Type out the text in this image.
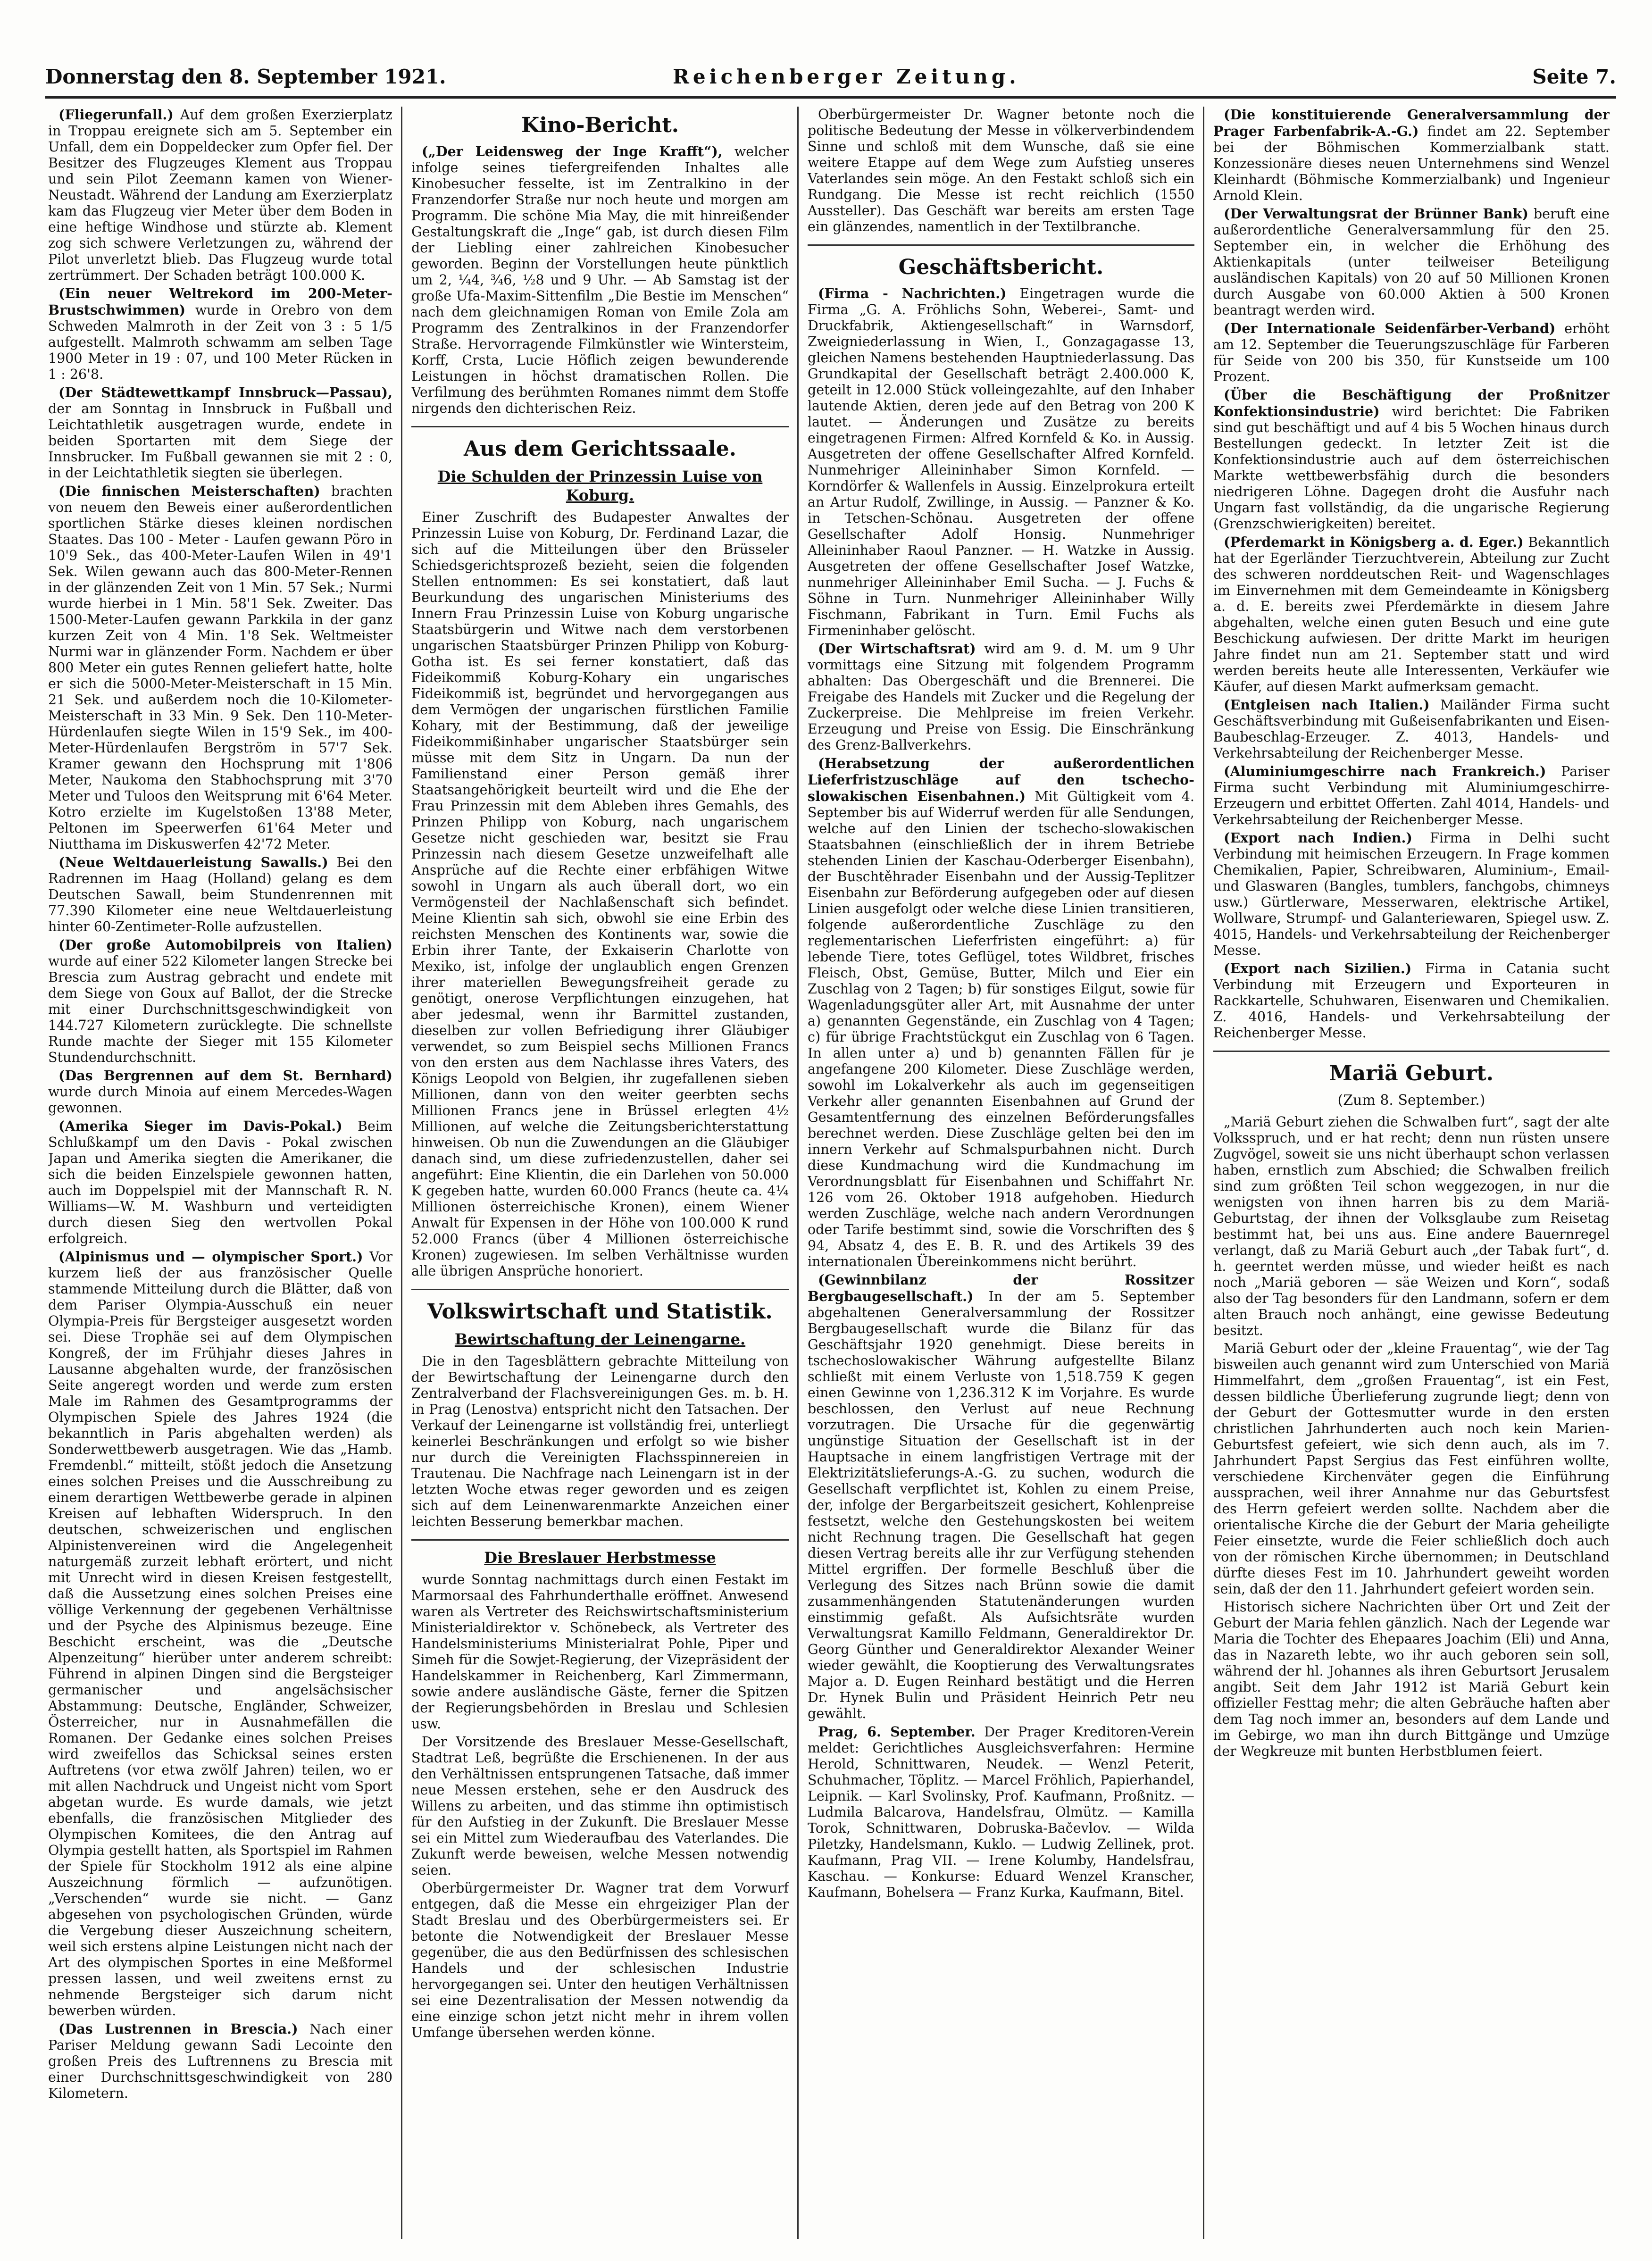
Donnerstag den 8. September 1921.	Reichenberger Zeitung.	Seite 7.

(Fliegerunfall.) Auf dem großen Exerzierplatz in Troppau ereignete sich am 5. September ein Unfall, dem ein Doppeldecker zum Opfer fiel. Der Besitzer des Flugzeuges Klement aus Troppau und sein Pilot Zeemann kamen von Wiener-Neustadt. Während der Landung am Exerzierplatz kam das Flugzeug vier Meter über dem Boden in eine heftige Windhose und stürzte ab. Klement zog sich schwere Verletzungen zu, während der Pilot unverletzt blieb. Das Flugzeug wurde total zertrümmert. Der Schaden beträgt 100.000 K.

(Ein neuer Weltrekord im 200-Meter-Brustschwimmen) wurde in Orebro von dem Schweden Malmroth in der Zeit von 3 : 5 1/5 aufgestellt. Malmroth schwamm am selben Tage 1900 Meter in 19 : 07, und 100 Meter Rücken in 1 : 26'8.

(Der Städtewettkampf Innsbruck—Passau), der am Sonntag in Innsbruck in Fußball und Leichtathletik ausgetragen wurde, endete in beiden Sportarten mit dem Siege der Innsbrucker. Im Fußball gewannen sie mit 2 : 0, in der Leichtathletik siegten sie überlegen.

(Die finnischen Meisterschaften) brachten von neuem den Beweis einer außerordentlichen sportlichen Stärke dieses kleinen nordischen Staates. Das 100 - Meter - Laufen gewann Pöro in 10'9 Sek., das 400-Meter-Laufen Wilen in 49'1 Sek. Wilen gewann auch das 800-Meter-Rennen in der glänzenden Zeit von 1 Min. 57 Sek.; Nurmi wurde hierbei in 1 Min. 58'1 Sek. Zweiter. Das 1500-Meter-Laufen gewann Parkkila in der ganz kurzen Zeit von 4 Min. 1'8 Sek. Weltmeister Nurmi war in glänzender Form. Nachdem er über 800 Meter ein gutes Rennen geliefert hatte, holte er sich die 5000-Meter-Meisterschaft in 15 Min. 21 Sek. und außerdem noch die 10-Kilometer-Meisterschaft in 33 Min. 9 Sek. Den 110-Meter-Hürdenlaufen siegte Wilen in 15'9 Sek., im 400-Meter-Hürdenlaufen Bergström in 57'7 Sek. Kramer gewann den Hochsprung mit 1'806 Meter, Naukoma den Stabhochsprung mit 3'70 Meter und Tuloos den Weitsprung mit 6'64 Meter. Kotro erzielte im Kugelstoßen 13'88 Meter, Peltonen im Speerwerfen 61'64 Meter und Niutthama im Diskuswerfen 42'72 Meter.

(Neue Weltdauerleistung Sawalls.) Bei den Radrennen im Haag (Holland) gelang es dem Deutschen Sawall, beim Stundenrennen mit 77.390 Kilometer eine neue Weltdauerleistung hinter 60-Zentimeter-Rolle aufzustellen.

(Der große Automobilpreis von Italien) wurde auf einer 522 Kilometer langen Strecke bei Brescia zum Austrag gebracht und endete mit dem Siege von Goux auf Ballot, der die Strecke mit einer Durchschnittsgeschwindigkeit von 144.727 Kilometern zurücklegte. Die schnellste Runde machte der Sieger mit 155 Kilometer Stundendurchschnitt.

(Das Bergrennen auf dem St. Bernhard) wurde durch Minoia auf einem Mercedes-Wagen gewonnen.

(Amerika Sieger im Davis-Pokal.) Beim Schlußkampf um den Davis - Pokal zwischen Japan und Amerika siegten die Amerikaner, die sich die beiden Einzelspiele gewonnen hatten, auch im Doppelspiel mit der Mannschaft R. N. Williams—W. M. Washburn und verteidigten durch diesen Sieg den wertvollen Pokal erfolgreich.

(Alpinismus und — olympischer Sport.) Vor kurzem ließ der aus französischer Quelle stammende Mitteilung durch die Blätter, daß von dem Pariser Olympia-Ausschuß ein neuer Olympia-Preis für Bergsteiger ausgesetzt worden sei. Diese Trophäe sei auf dem Olympischen Kongreß, der im Frühjahr dieses Jahres in Lausanne abgehalten wurde, der französischen Seite angeregt worden und werde zum ersten Male im Rahmen des Gesamtprogramms der Olympischen Spiele des Jahres 1924 (die bekanntlich in Paris abgehalten werden) als Sonderwettbewerb ausgetragen. Wie das „Hamb. Fremdenbl.“ mitteilt, stößt jedoch die Ansetzung eines solchen Preises und die Ausschreibung zu einem derartigen Wettbewerbe gerade in alpinen Kreisen auf lebhaften Widerspruch. In den deutschen, schweizerischen und englischen Alpinistenvereinen wird die Angelegenheit naturgemäß zurzeit lebhaft erörtert, und nicht mit Unrecht wird in diesen Kreisen festgestellt, daß die Aussetzung eines solchen Preises eine völlige Verkennung der gegebenen Verhältnisse und der Psyche des Alpinismus bezeuge. Eine Beschicht erscheint, was die „Deutsche Alpenzeitung“ hierüber unter anderem schreibt: Führend in alpinen Dingen sind die Bergsteiger germanischer und angelsächsischer Abstammung: Deutsche, Engländer, Schweizer, Österreicher, nur in Ausnahmefällen die Romanen. Der Gedanke eines solchen Preises wird zweifellos das Schicksal seines ersten Auftretens (vor etwa zwölf Jahren) teilen, wo er mit allen Nachdruck und Ungeist nicht vom Sport abgetan wurde. Es wurde damals, wie jetzt ebenfalls, die französischen Mitglieder des Olympischen Komitees, die den Antrag auf Olympia gestellt hatten, als Sportspiel im Rahmen der Spiele für Stockholm 1912 als eine alpine Auszeichnung förmlich — aufzunötigen. „Verschenden“ wurde sie nicht. — Ganz abgesehen von psychologischen Gründen, würde die Vergebung dieser Auszeichnung scheitern, weil sich erstens alpine Leistungen nicht nach der Art des olympischen Sportes in eine Meßformel pressen lassen, und weil zweitens ernst zu nehmende Bergsteiger sich darum nicht bewerben würden.

(Das Lustrennen in Brescia.) Nach einer Pariser Meldung gewann Sadi Lecointe den großen Preis des Luftrennens zu Brescia mit einer Durchschnittsgeschwindigkeit von 280 Kilometern.

Kino-Bericht.

(„Der Leidensweg der Inge Krafft“), welcher infolge seines tiefergreifenden Inhaltes alle Kinobesucher fesselte, ist im Zentralkino in der Franzendorfer Straße nur noch heute und morgen am Programm. Die schöne Mia May, die mit hinreißender Gestaltungskraft die „Inge“ gab, ist durch diesen Film der Liebling einer zahlreichen Kinobesucher geworden. Beginn der Vorstellungen heute pünktlich um 2, ¼4, ¾6, ½8 und 9 Uhr. — Ab Samstag ist der große Ufa-Maxim-Sittenfilm „Die Bestie im Menschen“ nach dem gleichnamigen Roman von Emile Zola am Programm des Zentralkinos in der Franzendorfer Straße. Hervorragende Filmkünstler wie Wintersteim, Korff, Crsta, Lucie Höflich zeigen bewunderende Leistungen in höchst dramatischen Rollen. Die Verfilmung des berühmten Romanes nimmt dem Stoffe nirgends den dichterischen Reiz.

Aus dem Gerichtssaale.
Die Schulden der Prinzessin Luise von Koburg.

Einer Zuschrift des Budapester Anwaltes der Prinzessin Luise von Koburg, Dr. Ferdinand Lazar, die sich auf die Mitteilungen über den Brüsseler Schiedsgerichtsprozeß bezieht, seien die folgenden Stellen entnommen: Es sei konstatiert, daß laut Beurkundung des ungarischen Ministeriums des Innern Frau Prinzessin Luise von Koburg ungarische Staatsbürgerin und Witwe nach dem verstorbenen ungarischen Staatsbürger Prinzen Philipp von Koburg-Gotha ist. Es sei ferner konstatiert, daß das Fideikommiß Koburg-Kohary ein ungarisches Fideikommiß ist, begründet und hervorgegangen aus dem Vermögen der ungarischen fürstlichen Familie Kohary, mit der Bestimmung, daß der jeweilige Fideikommißinhaber ungarischer Staatsbürger sein müsse mit dem Sitz in Ungarn. Da nun der Familienstand einer Person gemäß ihrer Staatsangehörigkeit beurteilt wird und die Ehe der Frau Prinzessin mit dem Ableben ihres Gemahls, des Prinzen Philipp von Koburg, nach ungarischem Gesetze nicht geschieden war, besitzt sie Frau Prinzessin nach diesem Gesetze unzweifelhaft alle Ansprüche auf die Rechte einer erbfähigen Witwe sowohl in Ungarn als auch überall dort, wo ein Vermögensteil der Nachlaßenschaft sich befindet. Meine Klientin sah sich, obwohl sie eine Erbin des reichsten Menschen des Kontinents war, sowie die Erbin ihrer Tante, der Exkaiserin Charlotte von Mexiko, ist, infolge der unglaublich engen Grenzen ihrer materiellen Bewegungsfreiheit gerade zu genötigt, onerose Verpflichtungen einzugehen, hat aber jedesmal, wenn ihr Barmittel zustanden, dieselben zur vollen Befriedigung ihrer Gläubiger verwendet, so zum Beispiel sechs Millionen Francs von den ersten aus dem Nachlasse ihres Vaters, des Königs Leopold von Belgien, ihr zugefallenen sieben Millionen, dann von den weiter geerbten sechs Millionen Francs jene in Brüssel erlegten 4½ Millionen, auf welche die Zeitungsberichterstattung hinweisen. Ob nun die Zuwendungen an die Gläubiger danach sind, um diese zufriedenzustellen, daher sei angeführt: Eine Klientin, die ein Darlehen von 50.000 K gegeben hatte, wurden 60.000 Francs (heute ca. 4¼ Millionen österreichische Kronen), einem Wiener Anwalt für Expensen in der Höhe von 100.000 K rund 52.000 Francs (über 4 Millionen österreichische Kronen) zugewiesen. Im selben Verhältnisse wurden alle übrigen Ansprüche honoriert.

Volkswirtschaft und Statistik.
Bewirtschaftung der Leinengarne.

Die in den Tagesblättern gebrachte Mitteilung von der Bewirtschaftung der Leinengarne durch den Zentralverband der Flachsvereinigungen Ges. m. b. H. in Prag (Lenostva) entspricht nicht den Tatsachen. Der Verkauf der Leinengarne ist vollständig frei, unterliegt keinerlei Beschränkungen und erfolgt so wie bisher nur durch die Vereinigten Flachsspinnereien in Trautenau. Die Nachfrage nach Leinengarn ist in der letzten Woche etwas reger geworden und es zeigen sich auf dem Leinenwarenmarkte Anzeichen einer leichten Besserung bemerkbar machen.

Die Breslauer Herbstmesse

wurde Sonntag nachmittags durch einen Festakt im Marmorsaal des Fahrhunderthalle eröffnet. Anwesend waren als Vertreter des Reichswirtschaftsministerium Ministerialdirektor v. Schönebeck, als Vertreter des Handelsministeriums Ministerialrat Pohle, Piper und Simeh für die Sowjet-Regierung, der Vizepräsident der Handelskammer in Reichenberg, Karl Zimmermann, sowie andere ausländische Gäste, ferner die Spitzen der Regierungsbehörden in Breslau und Schlesien usw.

Der Vorsitzende des Breslauer Messe-Gesellschaft, Stadtrat Leß, begrüßte die Erschienenen. In der aus den Verhältnissen entsprungenen Tatsache, daß immer neue Messen erstehen, sehe er den Ausdruck des Willens zu arbeiten, und das stimme ihn optimistisch für den Aufstieg in der Zukunft. Die Breslauer Messe sei ein Mittel zum Wiederaufbau des Vaterlandes. Die Zukunft werde beweisen, welche Messen notwendig seien.

Oberbürgermeister Dr. Wagner trat dem Vorwurf entgegen, daß die Messe ein ehrgeiziger Plan der Stadt Breslau und des Oberbürgermeisters sei. Er betonte die Notwendigkeit der Breslauer Messe gegenüber, die aus den Bedürfnissen des schlesischen Handels und der schlesischen Industrie hervorgegangen sei. Unter den heutigen Verhältnissen sei eine Dezentralisation der Messen notwendig da eine einzige schon jetzt nicht mehr in ihrem vollen Umfange übersehen werden könne.

Oberbürgermeister Dr. Wagner betonte noch die politische Bedeutung der Messe in völkerverbindendem Sinne und schloß mit dem Wunsche, daß sie eine weitere Etappe auf dem Wege zum Aufstieg unseres Vaterlandes sein möge. An den Festakt schloß sich ein Rundgang. Die Messe ist recht reichlich (1550 Aussteller). Das Geschäft war bereits am ersten Tage ein glänzendes, namentlich in der Textilbranche.

Geschäftsbericht.

(Firma - Nachrichten.) Eingetragen wurde die Firma „G. A. Fröhlichs Sohn, Weberei-, Samt- und Druckfabrik, Aktiengesellschaft“ in Warnsdorf, Zweigniederlassung in Wien, I., Gonzagagasse 13, gleichen Namens bestehenden Hauptniederlassung. Das Grundkapital der Gesellschaft beträgt 2.400.000 K, geteilt in 12.000 Stück volleingezahlte, auf den Inhaber lautende Aktien, deren jede auf den Betrag von 200 K lautet. — Änderungen und Zusätze zu bereits eingetragenen Firmen: Alfred Kornfeld & Ko. in Aussig. Ausgetreten der offene Gesellschafter Alfred Kornfeld. Nunmehriger Alleininhaber Simon Kornfeld. — Korndörfer & Wallenfels in Aussig. Einzelprokura erteilt an Artur Rudolf, Zwillinge, in Aussig. — Panzner & Ko. in Tetschen-Schönau. Ausgetreten der offene Gesellschafter Adolf Honsig. Nunmehriger Alleininhaber Raoul Panzner. — H. Watzke in Aussig. Ausgetreten der offene Gesellschafter Josef Watzke, nunmehriger Alleininhaber Emil Sucha. — J. Fuchs & Söhne in Turn. Nunmehriger Alleininhaber Willy Fischmann, Fabrikant in Turn. Emil Fuchs als Firmeninhaber gelöscht.

(Der Wirtschaftsrat) wird am 9. d. M. um 9 Uhr vormittags eine Sitzung mit folgendem Programm abhalten: Das Obergeschäft und die Brennerei. Die Freigabe des Handels mit Zucker und die Regelung der Zuckerpreise. Die Mehlpreise im freien Verkehr. Erzeugung und Preise von Essig. Die Einschränkung des Grenz-Ballverkehrs.

(Herabsetzung der außerordentlichen Lieferfristzuschläge auf den tschecho-slowakischen Eisenbahnen.) Mit Gültigkeit vom 4. September bis auf Widerruf werden für alle Sendungen, welche auf den Linien der tschecho-slowakischen Staatsbahnen (einschließlich der in ihrem Betriebe stehenden Linien der Kaschau-Oderberger Eisenbahn), der Buschtěhrader Eisenbahn und der Aussig-Teplitzer Eisenbahn zur Beförderung aufgegeben oder auf diesen Linien ausgefolgt oder welche diese Linien transitieren, folgende außerordentliche Zuschläge zu den reglementarischen Lieferfristen eingeführt: a) für lebende Tiere, totes Geflügel, totes Wildbret, frisches Fleisch, Obst, Gemüse, Butter, Milch und Eier ein Zuschlag von 2 Tagen; b) für sonstiges Eilgut, sowie für Wagenladungsgüter aller Art, mit Ausnahme der unter a) genannten Gegenstände, ein Zuschlag von 4 Tagen; c) für übrige Frachtstückgut ein Zuschlag von 6 Tagen. In allen unter a) und b) genannten Fällen für je angefangene 200 Kilometer. Diese Zuschläge werden, sowohl im Lokalverkehr als auch im gegenseitigen Verkehr aller genannten Eisenbahnen auf Grund der Gesamtentfernung des einzelnen Beförderungsfalles berechnet werden. Diese Zuschläge gelten bei den im innern Verkehr auf Schmalspurbahnen nicht. Durch diese Kundmachung wird die Kundmachung im Verordnungsblatt für Eisenbahnen und Schiffahrt Nr. 126 vom 26. Oktober 1918 aufgehoben. Hiedurch werden Zuschläge, welche nach andern Verordnungen oder Tarife bestimmt sind, sowie die Vorschriften des § 94, Absatz 4, des E. B. R. und des Artikels 39 des internationalen Übereinkommens nicht berührt.

(Gewinnbilanz der Rossitzer Bergbaugesellschaft.) In der am 5. September abgehaltenen Generalversammlung der Rossitzer Bergbaugesellschaft wurde die Bilanz für das Geschäftsjahr 1920 genehmigt. Diese bereits in tschechoslowakischer Währung aufgestellte Bilanz schließt mit einem Verluste von 1,518.759 K gegen einen Gewinne von 1,236.312 K im Vorjahre. Es wurde beschlossen, den Verlust auf neue Rechnung vorzutragen. Die Ursache für die gegenwärtig ungünstige Situation der Gesellschaft ist in der Hauptsache in einem langfristigen Vertrage mit der Elektrizitätslieferungs-A.-G. zu suchen, wodurch die Gesellschaft verpflichtet ist, Kohlen zu einem Preise, der, infolge der Bergarbeitszeit gesichert, Kohlenpreise festsetzt, welche den Gestehungskosten bei weitem nicht Rechnung tragen. Die Gesellschaft hat gegen diesen Vertrag bereits alle ihr zur Verfügung stehenden Mittel ergriffen. Der formelle Beschluß über die Verlegung des Sitzes nach Brünn sowie die damit zusammenhängenden Statutenänderungen wurden einstimmig gefaßt. Als Aufsichtsräte wurden Verwaltungsrat Kamillo Feldmann, Generaldirektor Dr. Georg Günther und Generaldirektor Alexander Weiner wieder gewählt, die Kooptierung des Verwaltungsrates Major a. D. Eugen Reinhard bestätigt und die Herren Dr. Hynek Bulin und Präsident Heinrich Petr neu gewählt.

Prag, 6. September. Der Prager Kreditoren-Verein meldet: Gerichtliches Ausgleichsverfahren: Hermine Herold, Schnittwaren, Neudek. — Wenzl Peterit, Schuhmacher, Töplitz. — Marcel Fröhlich, Papierhandel, Leipnik. — Karl Svolinsky, Prof. Kaufmann, Proßnitz. — Ludmila Balcarova, Handelsfrau, Olmütz. — Kamilla Torok, Schnittwaren, Dobruska-Bačevlov. — Wilda Piletzky, Handelsmann, Kuklo. — Ludwig Zellinek, prot. Kaufmann, Prag VII. — Irene Kolumby, Handelsfrau, Kaschau. — Konkurse: Eduard Wenzel Kranscher, Kaufmann, Bohelsera — Franz Kurka, Kaufmann, Bitel.

(Die konstituierende Generalversammlung der Prager Farbenfabrik-A.-G.) findet am 22. September bei der Böhmischen Kommerzialbank statt. Konzessionäre dieses neuen Unternehmens sind Wenzel Kleinhardt (Böhmische Kommerzialbank) und Ingenieur Arnold Klein.

(Der Verwaltungsrat der Brünner Bank) beruft eine außerordentliche Generalversammlung für den 25. September ein, in welcher die Erhöhung des Aktienkapitals (unter teilweiser Beteiligung ausländischen Kapitals) von 20 auf 50 Millionen Kronen durch Ausgabe von 60.000 Aktien à 500 Kronen beantragt werden wird.

(Der Internationale Seidenfärber-Verband) erhöht am 12. September die Teuerungszuschläge für Farberen für Seide von 200 bis 350, für Kunstseide um 100 Prozent.

(Über die Beschäftigung der Proßnitzer Konfektionsindustrie) wird berichtet: Die Fabriken sind gut beschäftigt und auf 4 bis 5 Wochen hinaus durch Bestellungen gedeckt. In letzter Zeit ist die Konfektionsindustrie auch auf dem österreichischen Markte wettbewerbsfähig durch die besonders niedrigeren Löhne. Dagegen droht die Ausfuhr nach Ungarn fast vollständig, da die ungarische Regierung (Grenzschwierigkeiten) bereitet.

(Pferdemarkt in Königsberg a. d. Eger.) Bekanntlich hat der Egerländer Tierzuchtverein, Abteilung zur Zucht des schweren norddeutschen Reit- und Wagenschlages im Einvernehmen mit dem Gemeindeamte in Königsberg a. d. E. bereits zwei Pferdemärkte in diesem Jahre abgehalten, welche einen guten Besuch und eine gute Beschickung aufwiesen. Der dritte Markt im heurigen Jahre findet nun am 21. September statt und wird werden bereits heute alle Interessenten, Verkäufer wie Käufer, auf diesen Markt aufmerksam gemacht.

(Entgleisen nach Italien.) Mailänder Firma sucht Geschäftsverbindung mit Gußeisenfabrikanten und Eisen-Baubeschlag-Erzeuger. Z. 4013, Handels- und Verkehrsabteilung der Reichenberger Messe.

(Aluminiumgeschirre nach Frankreich.) Pariser Firma sucht Verbindung mit Aluminiumgeschirre-Erzeugern und erbittet Offerten. Zahl 4014, Handels- und Verkehrsabteilung der Reichenberger Messe.

(Export nach Indien.) Firma in Delhi sucht Verbindung mit heimischen Erzeugern. In Frage kommen Chemikalien, Papier, Schreibwaren, Aluminium-, Email- und Glaswaren (Bangles, tumblers, fanchgobs, chimneys usw.) Gürtlerware, Messerwaren, elektrische Artikel, Wollware, Strumpf- und Galanteriewaren, Spiegel usw. Z. 4015, Handels- und Verkehrsabteilung der Reichenberger Messe.

(Export nach Sizilien.) Firma in Catania sucht Verbindung mit Erzeugern und Exporteuren in Rackkartelle, Schuhwaren, Eisenwaren und Chemikalien. Z. 4016, Handels- und Verkehrsabteilung der Reichenberger Messe.

Mariä Geburt.
(Zum 8. September.)

„Mariä Geburt ziehen die Schwalben furt“, sagt der alte Volksspruch, und er hat recht; denn nun rüsten unsere Zugvögel, soweit sie uns nicht überhaupt schon verlassen haben, ernstlich zum Abschied; die Schwalben freilich sind zum größten Teil schon weggezogen, in nur die wenigsten von ihnen harren bis zu dem Mariä-Geburtstag, der ihnen der Volksglaube zum Reisetag bestimmt hat, bei uns aus. Eine andere Bauernregel verlangt, daß zu Mariä Geburt auch „der Tabak furt“, d. h. geerntet werden müsse, und wieder heißt es nach noch „Mariä geboren — säe Weizen und Korn“, sodaß also der Tag besonders für den Landmann, sofern er dem alten Brauch noch anhängt, eine gewisse Bedeutung besitzt.

Mariä Geburt oder der „kleine Frauentag“, wie der Tag bisweilen auch genannt wird zum Unterschied von Mariä Himmelfahrt, dem „großen Frauentag“, ist ein Fest, dessen bildliche Überlieferung zugrunde liegt; denn von der Geburt der Gottesmutter wurde in den ersten christlichen Jahrhunderten auch noch kein Marien-Geburtsfest gefeiert, wie sich denn auch, als im 7. Jahrhundert Papst Sergius das Fest einführen wollte, verschiedene Kirchenväter gegen die Einführung aussprachen, weil ihrer Annahme nur das Geburtsfest des Herrn gefeiert werden sollte. Nachdem aber die orientalische Kirche die der Geburt der Maria geheiligte Feier einsetzte, wurde die Feier schließlich doch auch von der römischen Kirche übernommen; in Deutschland dürfte dieses Fest im 10. Jahrhundert geweiht worden sein, daß der den 11. Jahrhundert gefeiert worden sein.

Historisch sichere Nachrichten über Ort und Zeit der Geburt der Maria fehlen gänzlich. Nach der Legende war Maria die Tochter des Ehepaares Joachim (Eli) und Anna, das in Nazareth lebte, wo ihr auch geboren sein soll, während der hl. Johannes als ihren Geburtsort Jerusalem angibt. Seit dem Jahr 1912 ist Mariä Geburt kein offizieller Festtag mehr; die alten Gebräuche haften aber dem Tag noch immer an, besonders auf dem Lande und im Gebirge, wo man ihn durch Bittgänge und Umzüge der Wegkreuze mit bunten Herbstblumen feiert.
